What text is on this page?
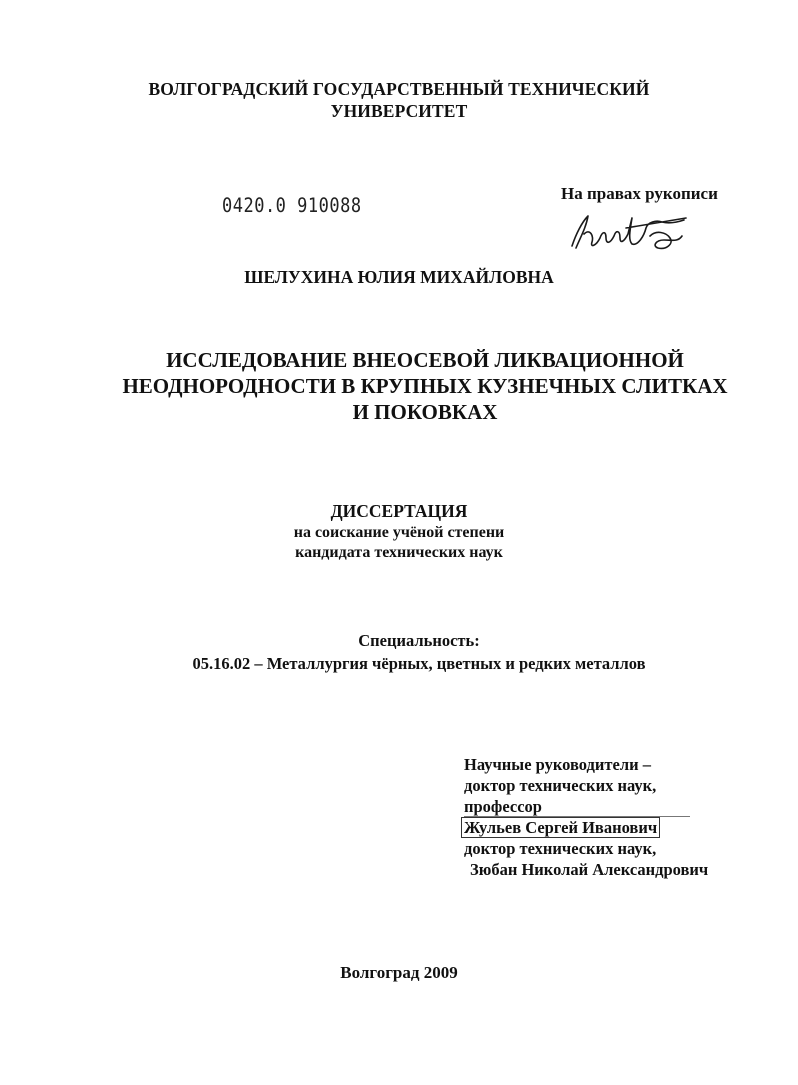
ВОЛГОГРАДСКИЙ ГОСУДАРСТВЕННЫЙ ТЕХНИЧЕСКИЙ
УНИВЕРСИТЕТ
0420.0 910088
На правах рукописи
ШЕЛУХИНА ЮЛИЯ МИХАЙЛОВНА
ИССЛЕДОВАНИЕ ВНЕОСЕВОЙ ЛИКВАЦИОННОЙ
НЕОДНОРОДНОСТИ В КРУПНЫХ КУЗНЕЧНЫХ СЛИТКАХ
И ПОКОВКАХ
ДИССЕРТАЦИЯ
на соискание учёной степени
кандидата технических наук
Специальность:
05.16.02 – Металлургия чёрных, цветных и редких металлов
Научные руководители –
доктор технических наук,
профессор
Жульев Сергей Иванович
доктор технических наук,
Зюбан Николай Александрович
Волгоград 2009
